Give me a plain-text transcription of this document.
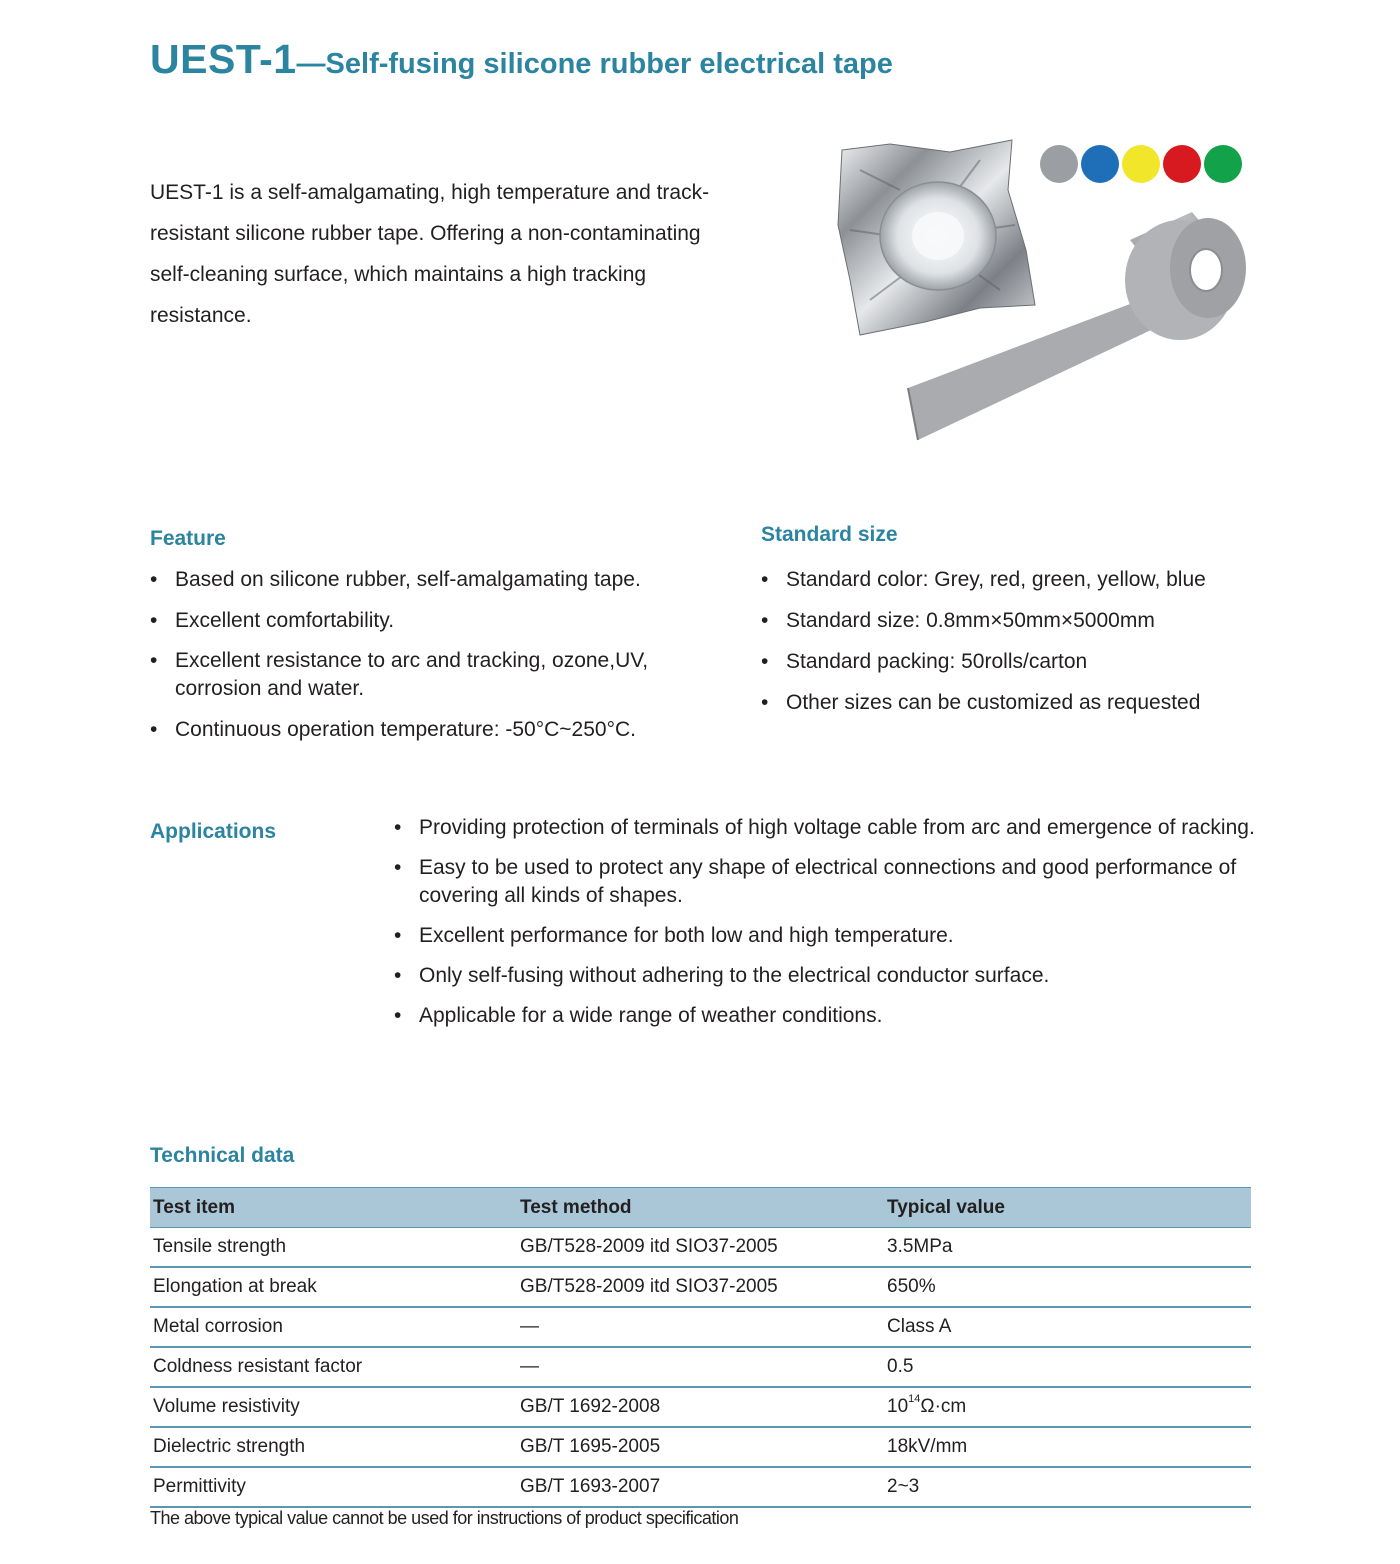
UEST-1—Self-fusing silicone rubber electrical tape

UEST-1 is a self-amalgamating, high temperature and track-resistant silicone rubber tape. Offering a non-contaminating self-cleaning surface, which maintains a high tracking resistance.

Feature
• Based on silicone rubber, self-amalgamating tape.
• Excellent comfortability.
• Excellent resistance to arc and tracking, ozone,UV, corrosion and water.
• Continuous operation temperature: -50°C~250°C.
Standard size
• Standard color: Grey, red, green, yellow, blue
• Standard size: 0.8mm×50mm×5000mm
• Standard packing: 50rolls/carton
• Other sizes can be customized as requested
Applications	• Providing protection of terminals of high voltage cable from arc and emergence of racking.
• Easy to be used to protect any shape of electrical connections and good performance of covering all kinds of shapes.
• Excellent performance for both low and high temperature.
• Only self-fusing without adhering to the electrical conductor surface.
• Applicable for a wide range of weather conditions.
Technical data
Test item	Test method	Typical value
Tensile strength	GB/T528-2009 itd SIO37-2005	3.5MPa
Elongation at break	GB/T528-2009 itd SIO37-2005	650%
Metal corrosion	—	Class A
Coldness resistant factor	—	0.5
Volume resistivity	GB/T 1692-2008	$10^{14}\Omega\cdot cm$
Dielectric strength	GB/T 1695-2005	18kV/mm
Permittivity	GB/T 1693-2007	2~3
The above typical value cannot be used for instructions of product specification
